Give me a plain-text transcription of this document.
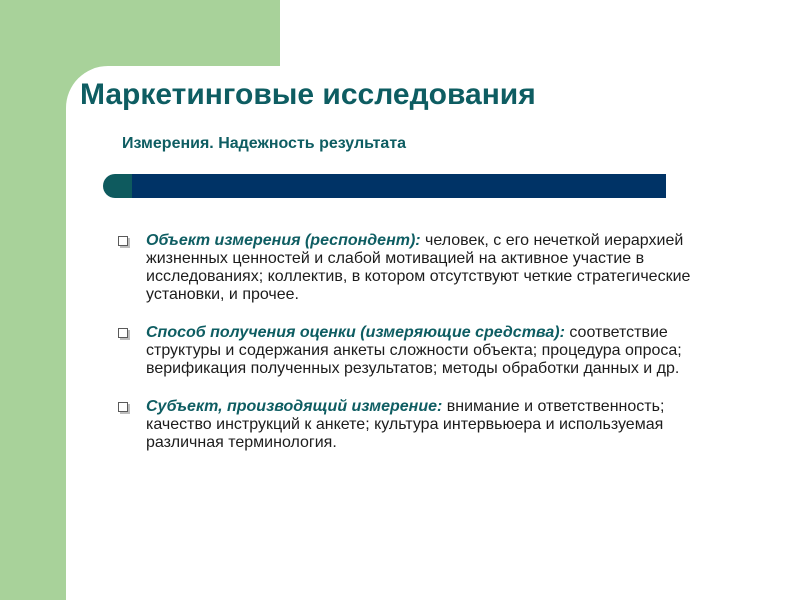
Маркетинговые исследования
Измерения. Надежность результата
Объект измерения (респондент): человек, с его нечеткой иерархией жизненных ценностей и слабой мотивацией на активное участие в исследованиях; коллектив, в котором отсутствуют четкие стратегические установки, и прочее.
Способ получения оценки (измеряющие средства): соответствие структуры и содержания анкеты сложности объекта; процедура опроса; верификация полученных результатов; методы обработки данных и др.
Субъект, производящий измерение: внимание и ответственность; качество инструкций к анкете; культура интервьюера и используемая различная терминология.
